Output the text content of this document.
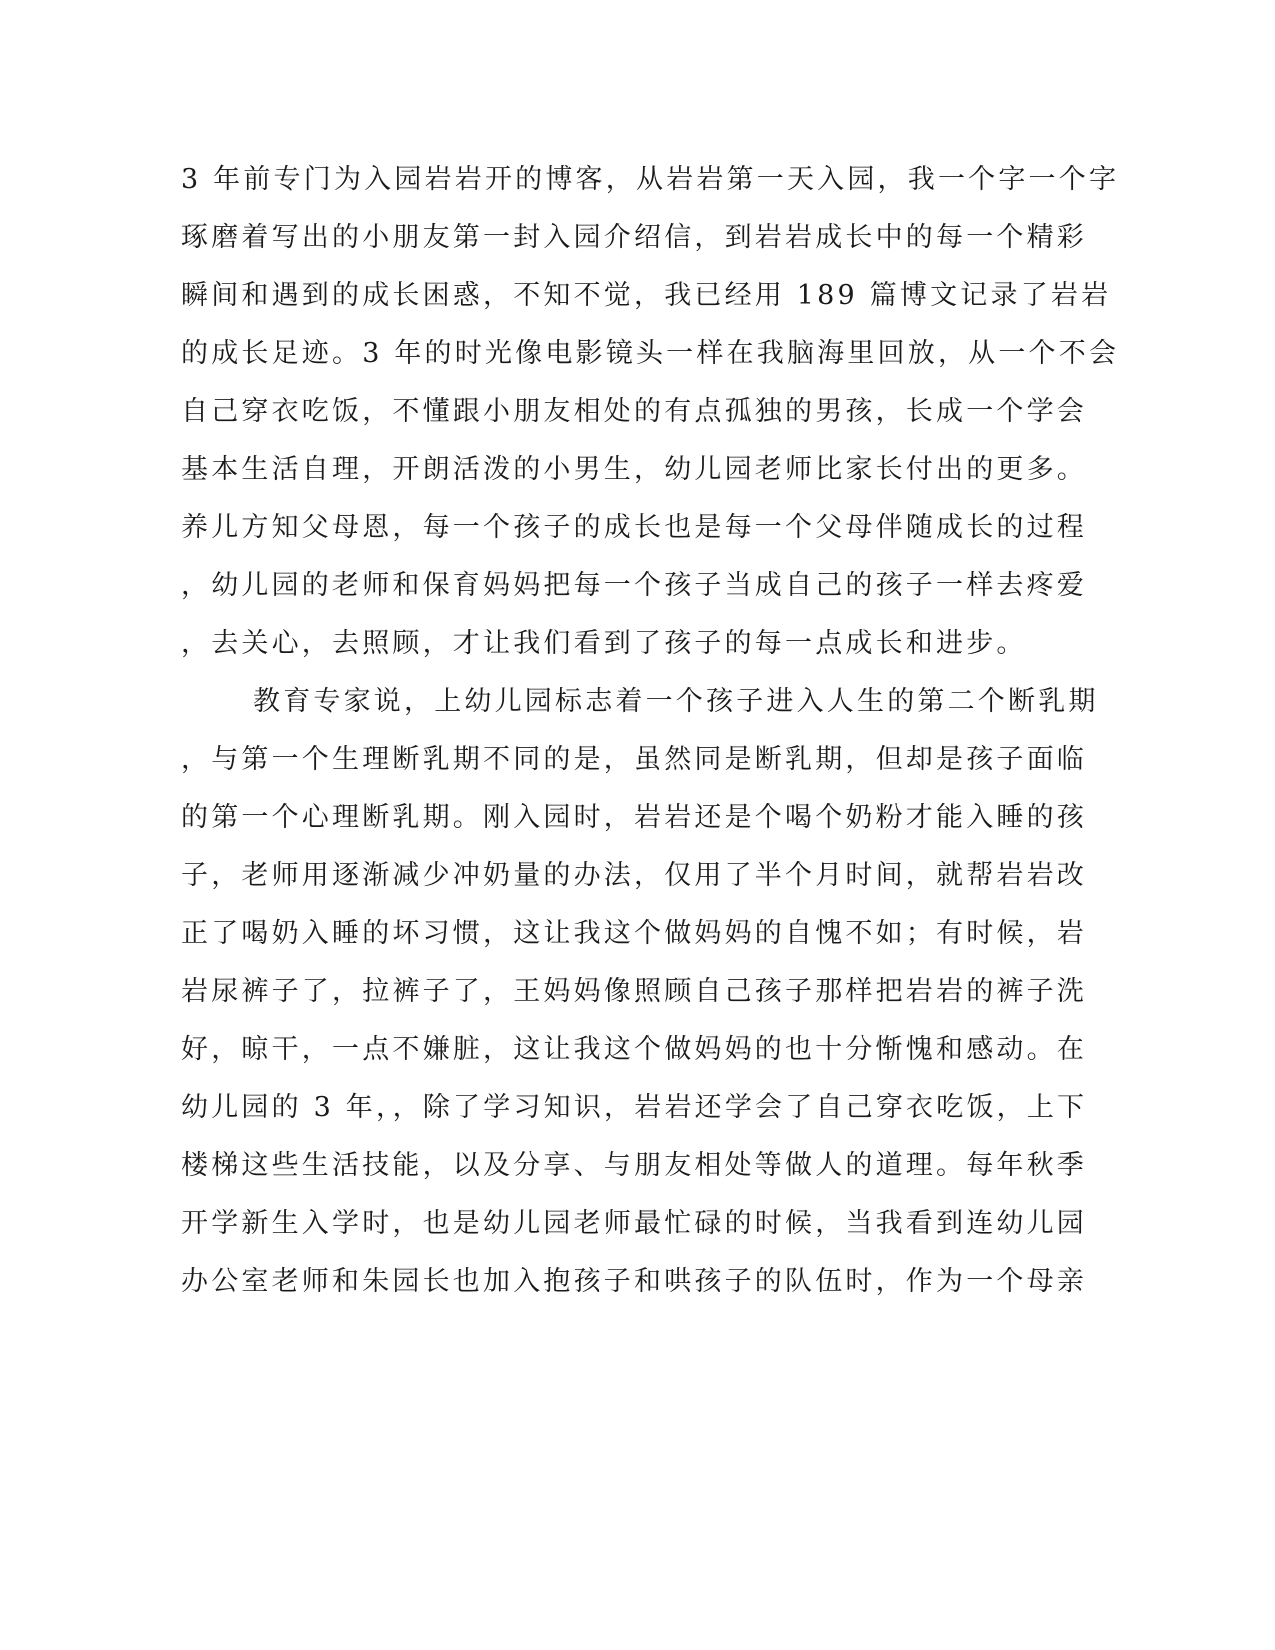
3 年前专门为入园岩岩开的博客，从岩岩第一天入园，我一个字一个字
琢磨着写出的小朋友第一封入园介绍信，到岩岩成长中的每一个精彩
瞬间和遇到的成长困惑，不知不觉，我已经用 189 篇博文记录了岩岩
的成长足迹。3 年的时光像电影镜头一样在我脑海里回放，从一个不会
自己穿衣吃饭，不懂跟小朋友相处的有点孤独的男孩，长成一个学会
基本生活自理，开朗活泼的小男生，幼儿园老师比家长付出的更多。
养儿方知父母恩，每一个孩子的成长也是每一个父母伴随成长的过程
，幼儿园的老师和保育妈妈把每一个孩子当成自己的孩子一样去疼爱
，去关心，去照顾，才让我们看到了孩子的每一点成长和进步。
教育专家说，上幼儿园标志着一个孩子进入人生的第二个断乳期
，与第一个生理断乳期不同的是，虽然同是断乳期，但却是孩子面临
的第一个心理断乳期。刚入园时，岩岩还是个喝个奶粉才能入睡的孩
子，老师用逐渐减少冲奶量的办法，仅用了半个月时间，就帮岩岩改
正了喝奶入睡的坏习惯，这让我这个做妈妈的自愧不如；有时候，岩
岩尿裤子了，拉裤子了，王妈妈像照顾自己孩子那样把岩岩的裤子洗
好，晾干，一点不嫌脏，这让我这个做妈妈的也十分惭愧和感动。在
幼儿园的 3 年，，除了学习知识，岩岩还学会了自己穿衣吃饭，上下
楼梯这些生活技能，以及分享、与朋友相处等做人的道理。每年秋季
开学新生入学时，也是幼儿园老师最忙碌的时候，当我看到连幼儿园
办公室老师和朱园长也加入抱孩子和哄孩子的队伍时，作为一个母亲
